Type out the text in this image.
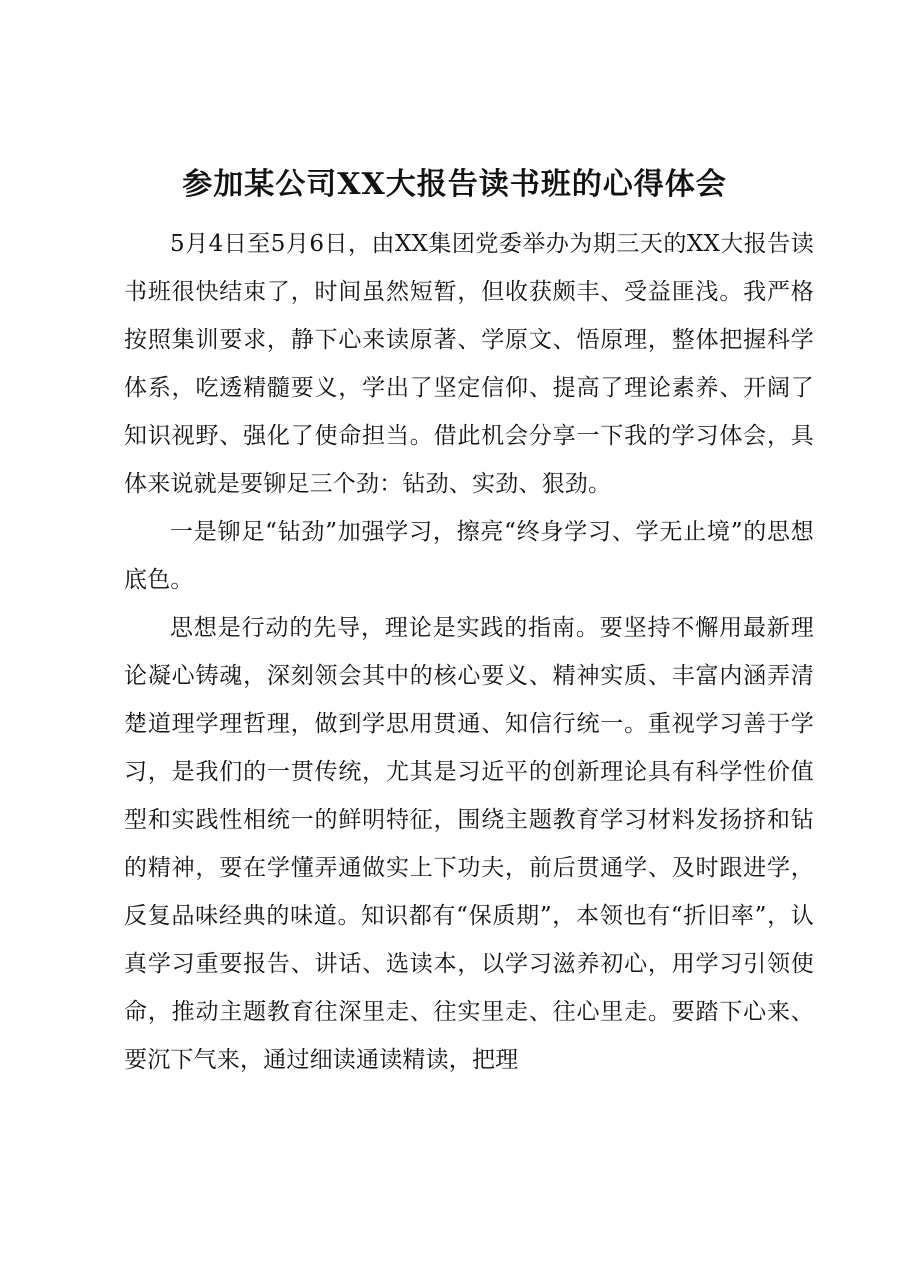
参加某公司XX大报告读书班的心得体会

5月4日至5月6日，由XX集团党委举办为期三天的XX大报告读书班很快结束了，时间虽然短暂，但收获颇丰、受益匪浅。我严格按照集训要求，静下心来读原著、学原文、悟原理，整体把握科学体系，吃透精髓要义，学出了坚定信仰、提高了理论素养、开阔了知识视野、强化了使命担当。借此机会分享一下我的学习体会，具体来说就是要铆足三个劲：钻劲、实劲、狠劲。

一是铆足“钻劲”加强学习，擦亮“终身学习、学无止境”的思想底色。

思想是行动的先导，理论是实践的指南。要坚持不懈用最新理论凝心铸魂，深刻领会其中的核心要义、精神实质、丰富内涵弄清楚道理学理哲理，做到学思用贯通、知信行统一。重视学习善于学习，是我们的一贯传统，尤其是习近平的创新理论具有科学性价值型和实践性相统一的鲜明特征，围绕主题教育学习材料发扬挤和钻的精神，要在学懂弄通做实上下功夫，前后贯通学、及时跟进学，反复品味经典的味道。知识都有“保质期”，本领也有“折旧率”，认真学习重要报告、讲话、选读本，以学习滋养初心，用学习引领使命，推动主题教育往深里走、往实里走、往心里走。要踏下心来、要沉下气来，通过细读通读精读，把理
